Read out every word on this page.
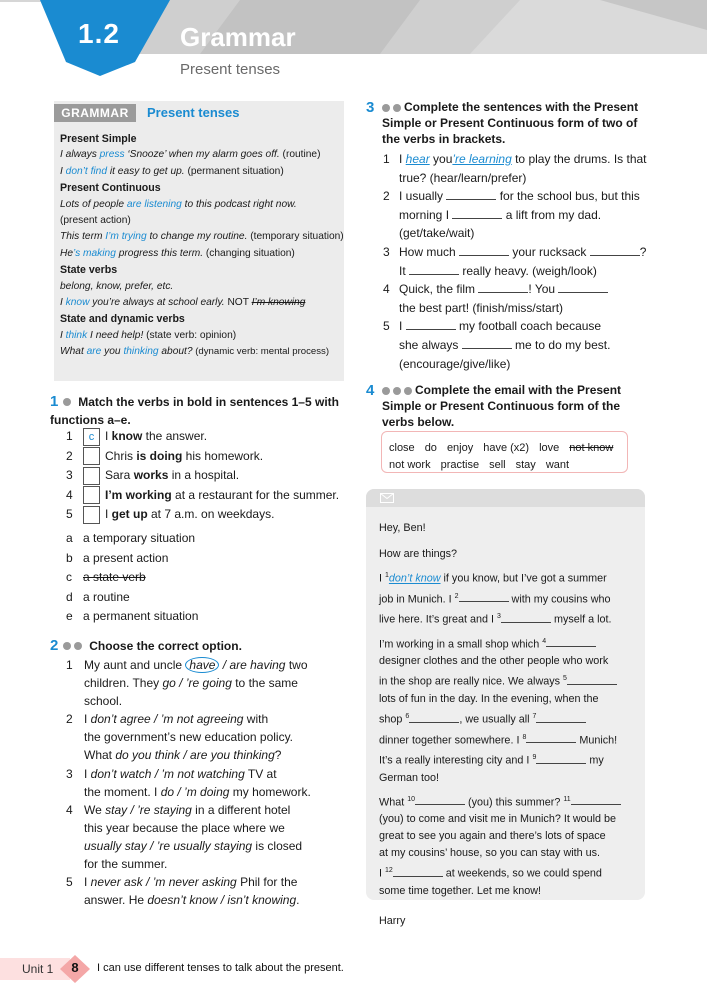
1.2 Grammar
Present tenses
GRAMMAR	Present tenses
Present Simple
I always press ‘Snooze’ when my alarm goes off. (routine)
I don’t find it easy to get up. (permanent situation)
Present Continuous
Lots of people are listening to this podcast right now.
(present action)
This term I’m trying to change my routine. (temporary situation)
He’s making progress this term. (changing situation)
State verbs
belong, know, prefer, etc.
I know you’re always at school early. NOT I’m knowing
State and dynamic verbs
I think I need help! (state verb: opinion)
What are you thinking about? (dynamic verb: mental process)
1 Match the verbs in bold in sentences 1–5 with functions a–e.
1 c I know the answer.
2	Chris is doing his homework.
3	Sara works in a hospital.
4	I’m working at a restaurant for the summer.
5	I get up at 7 a.m. on weekdays.
a a temporary situation
b a present action
c a state verb
d a routine
e a permanent situation
2	Choose the correct option.
1 My aunt and uncle have / are having two
children. They go / ’re going to the same
school.
2 I don’t agree / ’m not agreeing with
the government’s new education policy.
What do you think / are you thinking?
3 I don’t watch / ’m not watching TV at
the moment. I do / ’m doing my homework.
4 We stay / ’re staying in a different hotel
this year because the place where we
usually stay / ’re usually staying is closed
for the summer.
5 I never ask / ’m never asking Phil for the
answer. He doesn’t know / isn’t knowing.
3	Complete the sentences with the Present Simple or Present Continuous form of two of the verbs in brackets.
1 I hear you’re learning to play the drums. Is that
true? (hear/learn/prefer)
2 I usually	for the school bus, but this
morning I	a lift from my dad.
(get/take/wait)
3 How much	your rucksack	?
It	really heavy. (weigh/look)
4 Quick, the film	! You
the best part! (finish/miss/start)
5 I	my football coach because
she always	me to do my best.
(encourage/give/like)
4	Complete the email with the Present Simple or Present Continuous form of the verbs below.
close do enjoy have (x2) love not know
not work practise sell stay want
Hey, Ben!
How are things?
I $^1$don’t know if you know, but I’ve got a summer
job in Munich. I $^2$	with my cousins who
live here. It’s great and I $^3$	myself a lot.
I’m working in a small shop which $^4$
designer clothes and the other people who work
in the shop are really nice. We always $^5$
lots of fun in the day. In the evening, when the
shop $^6$	, we usually all $^7$
dinner together somewhere. I $^8$	Munich!
It’s a really interesting city and I $^9$	my
German too!
What $^{10}$	(you) this summer? $^{11}$
(you) to come and visit me in Munich? It would be
great to see you again and there’s lots of space
at my cousins’ house, so you can stay with us.
I $^{12}$	at weekends, so we could spend
some time together. Let me know!
Harry
Unit 1	8	I can use different tenses to talk about the present.
